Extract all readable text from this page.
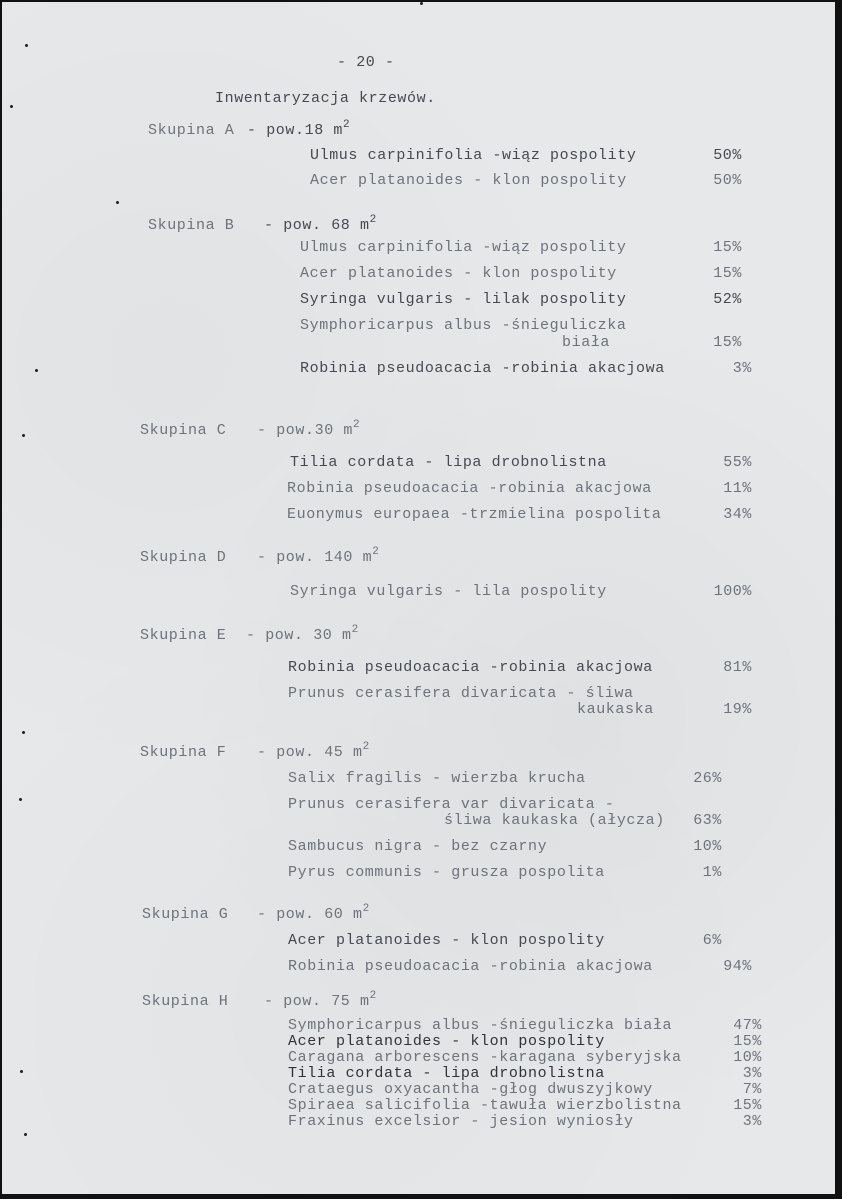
- 20 -
Inwentaryzacja krzewów.
Skupina A - pow.18 $m^2$
Ulmus carpinifolia -wiąz pospolity	50%
Acer platanoides - klon pospolity	50%
Skupina B - pow. 68 $m^2$
Ulmus carpinifolia -wiąz pospolity	15%
Acer platanoides - klon pospolity	15%
Syringa vulgaris - lilak pospolity	52%
Symphoricarpus albus -śnieguliczka
biała	15%
Robinia pseudoacacia -robinia akacjowa	3%
Skupina C - pow.30 $m^2$
Tilia cordata - lipa drobnolistna	55%
Robinia pseudoacacia -robinia akacjowa	11%
Euonymus europaea -trzmielina pospolita	34%
Skupina D - pow. 140 $m^2$
Syringa vulgaris - lila pospolity	100%
Skupina E - pow. 30 $m^2$
Robinia pseudoacacia -robinia akacjowa	81%
Prunus cerasifera divaricata - śliwa
kaukaska	19%
Skupina F - pow. 45 $m^2$
Salix fragilis - wierzba krucha	26%
Prunus cerasifera var divaricata -
śliwa kaukaska (ałycza)	63%
Sambucus nigra - bez czarny	10%
Pyrus communis - grusza pospolita	1%
Skupina G - pow. 60 $m^2$
Acer platanoides - klon pospolity	6%
Robinia pseudoacacia -robinia akacjowa	94%
Skupina H - pow. 75 $m^2$
Symphoricarpus albus -śnieguliczka biała	47%
Acer platanoides - klon pospolity	15%
Caragana arborescens -karagana syberyjska	10%
Tilia cordata - lipa drobnolistna	3%
Crataegus oxyacantha -głog dwuszyjkowy	7%
Spiraea salicifolia -tawuła wierzbolistna	15%
Fraxinus excelsior - jesion wyniosły	3%
